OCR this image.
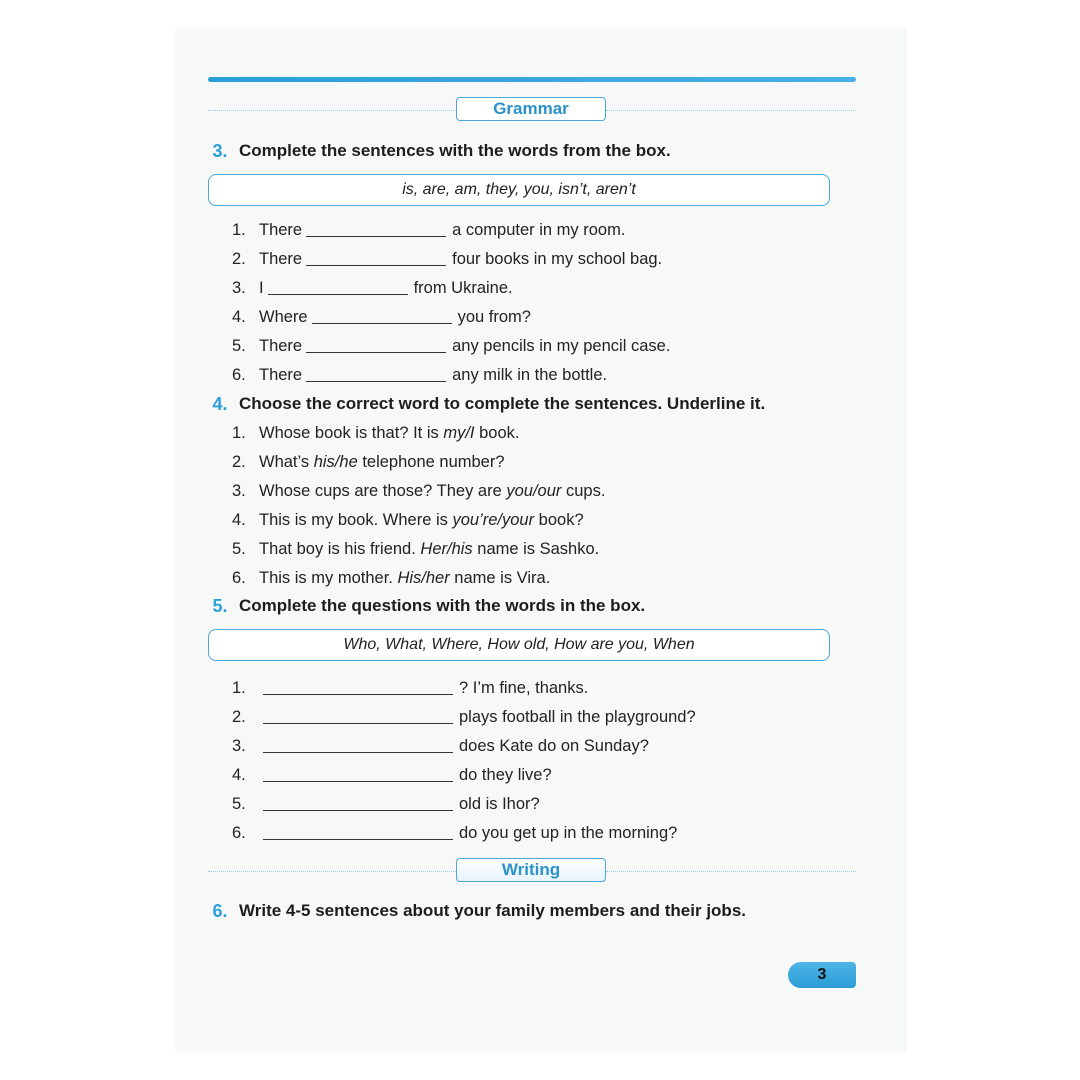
Grammar
3. Complete the sentences with the words from the box.
is, are, am, they, you, isn’t, aren’t
1. There	a computer in my room.
2. There	four books in my school bag.
3. I	from Ukraine.
4. Where	you from?
5. There	any pencils in my pencil case.
6. There	any milk in the bottle.
4. Choose the correct word to complete the sentences. Underline it.
1. Whose book is that? It is my/I book.
2. What’s his/he telephone number?
3. Whose cups are those? They are you/our cups.
4. This is my book. Where is you’re/your book?
5. That boy is his friend. Her/his name is Sashko.
6. This is my mother. His/her name is Vira.
5. Complete the questions with the words in the box.
Who, What, Where, How old, How are you, When
1.	? I’m fine, thanks.
2.	plays football in the playground?
3.	does Kate do on Sunday?
4.	do they live?
5.	old is Ihor?
6.	do you get up in the morning?
Writing
6. Write 4-5 sentences about your family members and their jobs.
3
